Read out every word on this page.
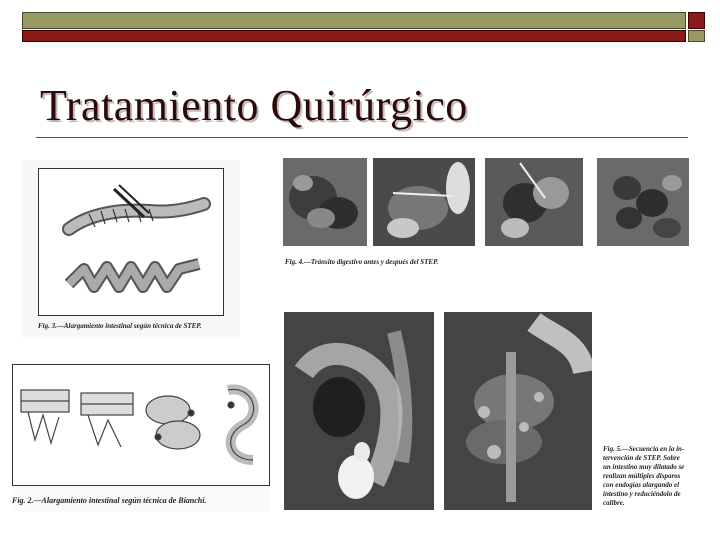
Tratamiento Quirúrgico
Fig. 3.—Alargamiento intestinal según técnica de STEP.
Fig. 4.—Tránsito digestivo antes y después del STEP.
Fig. 5.—Secuencia en la in-
tervención de STEP. Sobre
un intestino muy dilatado se
realizan múltiples disparos
con endogías alargando el
intestino y reduciéndolo de
calibre.
Fig. 2.—Alargamiento intestinal según técnica de Bianchi.
